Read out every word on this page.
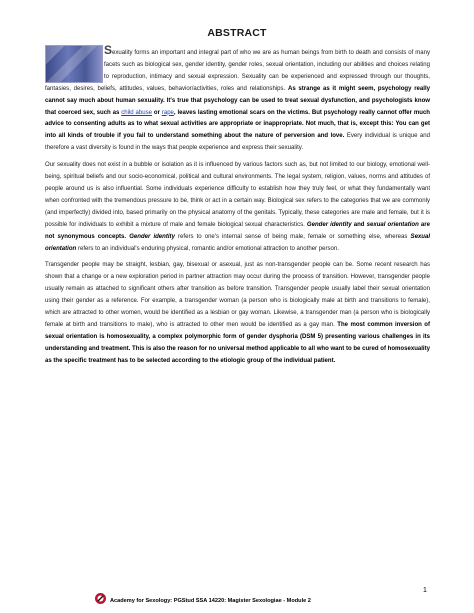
ABSTRACT

Sexuality forms an important and integral part of who we are as human beings from birth to death and consists of many facets such as biological sex, gender identity, gender roles, sexual orientation, including our abilities and choices relating to reproduction, intimacy and sexual expression. Sexuality can be experienced and expressed through our thoughts, fantasies, desires, beliefs, attitudes, values, behavior/activities, roles and relationships. As strange as it might seem, psychology really cannot say much about human sexuality. It's true that psychology can be used to treat sexual dysfunction, and psychologists know that coerced sex, such as child abuse or rape, leaves lasting emotional scars on the victims. But psychology really cannot offer much advice to consenting adults as to what sexual activities are appropriate or inappropriate. Not much, that is, except this: You can get into all kinds of trouble if you fail to understand something about the nature of perversion and love. Every individual is unique and therefore a vast diversity is found in the ways that people experience and express their sexuality.

Our sexuality does not exist in a bubble or isolation as it is influenced by various factors such as, but not limited to our biology, emotional well-being, spiritual beliefs and our socio-economical, political and cultural environments. The legal system, religion, values, norms and attitudes of people around us is also influential. Some individuals experience difficulty to establish how they truly feel, or what they fundamentally want when confronted with the tremendous pressure to be, think or act in a certain way. Biological sex refers to the categories that we are commonly (and imperfectly) divided into, based primarily on the physical anatomy of the genitals. Typically, these categories are male and female, but it is possible for individuals to exhibit a mixture of male and female biological sexual characteristics. Gender identity and sexual orientation are not synonymous concepts. Gender identity refers to one's internal sense of being male, female or something else, whereas Sexual orientation refers to an individual's enduring physical, romantic and/or emotional attraction to another person.

Transgender people may be straight, lesbian, gay, bisexual or asexual, just as non-transgender people can be. Some recent research has shown that a change or a new exploration period in partner attraction may occur during the process of transition. However, transgender people usually remain as attached to significant others after transition as before transition. Transgender people usually label their sexual orientation using their gender as a reference. For example, a transgender woman (a person who is biologically male at birth and transitions to female), which are attracted to other women, would be identified as a lesbian or gay woman. Likewise, a transgender man (a person who is biologically female at birth and transitions to male), who is attracted to other men would be identified as a gay man. The most common inversion of sexual orientation is homosexuality, a complex polymorphic form of gender dysphoria (DSM 5) presenting various challenges in its understanding and treatment. This is also the reason for no universal method applicable to all who want to be cured of homosexuality as the specific treatment has to be selected according to the etiologic group of the individual patient.

Academy for Sexology: PGStud SSA 14220: Magister Sexologiae - Module 2
1
